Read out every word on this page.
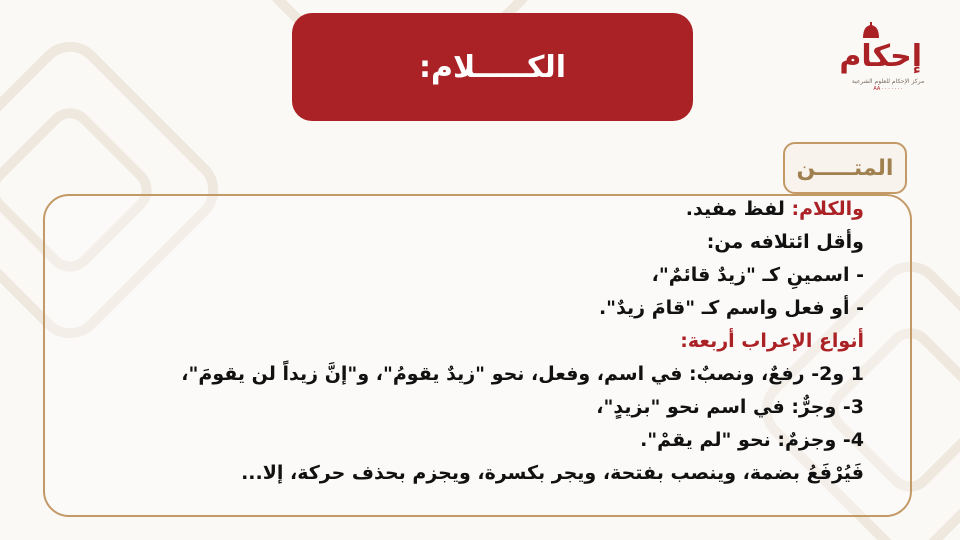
الكـــــلام:	إحكام
مركز الإحكام للعلوم الشرعية
AA · · · · · · ·
المتـــــن
والكلام: لفظ مفيد.
وأقل ائتلافه من:
- اسمينِ كـ "زيدٌ قائمٌ"،
- أو فعل واسم كـ "قامَ زيدٌ".
أنواع الإعراب أربعة:
1 و2- رفعٌ، ونصبٌ: في اسم، وفعل، نحو "زيدٌ يقومُ"، و"إنَّ زيداً لن يقومَ"،
3- وجرٌّ: في اسم نحو "بزيدٍ"،
4- وجزمٌ: نحو "لم يقمْ".
فَيُرْفَعُ بضمة، وينصب بفتحة، ويجر بكسرة، ويجزم بحذف حركة، إلا...
